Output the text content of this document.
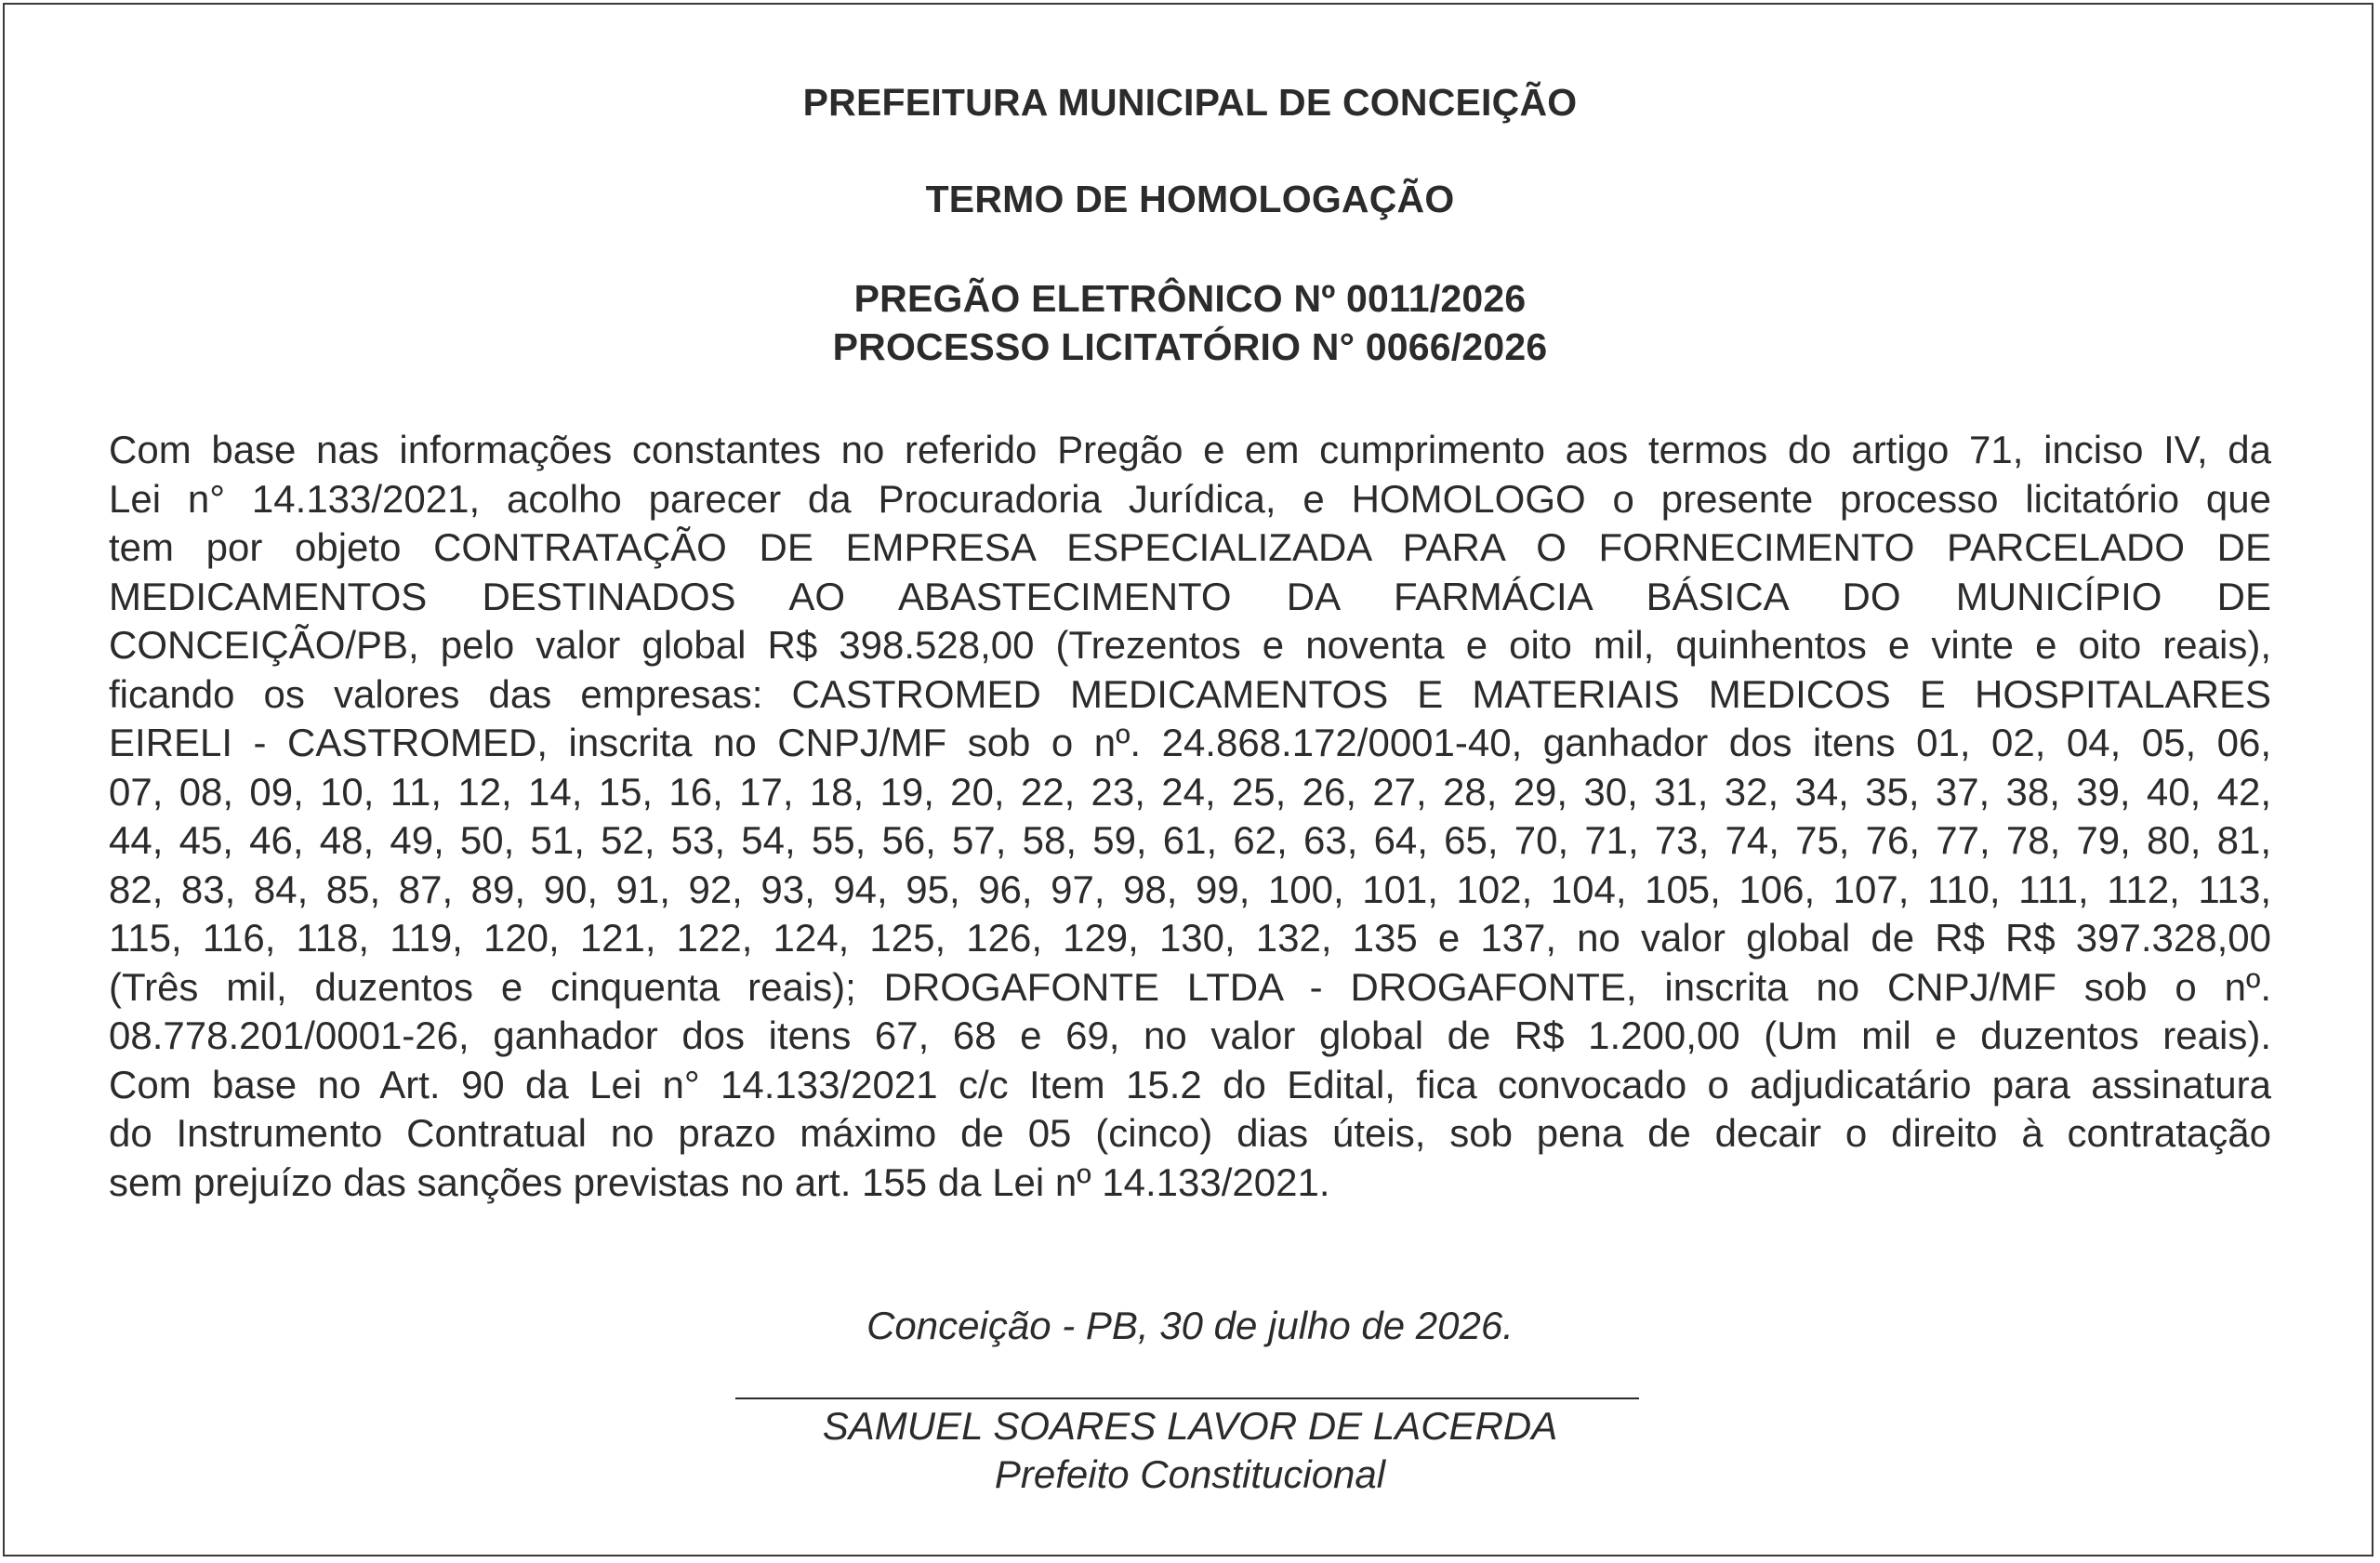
PREFEITURA MUNICIPAL DE CONCEIÇÃO
TERMO DE HOMOLOGAÇÃO
PREGÃO ELETRÔNICO Nº 0011/2026
PROCESSO LICITATÓRIO N° 0066/2026
Com base nas informações constantes no referido Pregão e em cumprimento aos termos do artigo 71, inciso IV, da
Lei n° 14.133/2021, acolho parecer da Procuradoria Jurídica, e HOMOLOGO o presente processo licitatório que
tem por objeto CONTRATAÇÃO DE EMPRESA ESPECIALIZADA PARA O FORNECIMENTO PARCELADO DE
MEDICAMENTOS DESTINADOS AO ABASTECIMENTO DA FARMÁCIA BÁSICA DO MUNICÍPIO DE
CONCEIÇÃO/PB, pelo valor global R$ 398.528,00 (Trezentos e noventa e oito mil, quinhentos e vinte e oito reais),
ficando os valores das empresas: CASTROMED MEDICAMENTOS E MATERIAIS MEDICOS E HOSPITALARES
EIRELI - CASTROMED, inscrita no CNPJ/MF sob o nº. 24.868.172/0001-40, ganhador dos itens 01, 02, 04, 05, 06,
07, 08, 09, 10, 11, 12, 14, 15, 16, 17, 18, 19, 20, 22, 23, 24, 25, 26, 27, 28, 29, 30, 31, 32, 34, 35, 37, 38, 39, 40, 42,
44, 45, 46, 48, 49, 50, 51, 52, 53, 54, 55, 56, 57, 58, 59, 61, 62, 63, 64, 65, 70, 71, 73, 74, 75, 76, 77, 78, 79, 80, 81,
82, 83, 84, 85, 87, 89, 90, 91, 92, 93, 94, 95, 96, 97, 98, 99, 100, 101, 102, 104, 105, 106, 107, 110, 111, 112, 113,
115, 116, 118, 119, 120, 121, 122, 124, 125, 126, 129, 130, 132, 135 e 137, no valor global de R$ R$ 397.328,00
(Três mil, duzentos e cinquenta reais); DROGAFONTE LTDA - DROGAFONTE, inscrita no CNPJ/MF sob o nº.
08.778.201/0001-26, ganhador dos itens 67, 68 e 69, no valor global de R$ 1.200,00 (Um mil e duzentos reais).
Com base no Art. 90 da Lei n° 14.133/2021 c/c Item 15.2 do Edital, fica convocado o adjudicatário para assinatura
do Instrumento Contratual no prazo máximo de 05 (cinco) dias úteis, sob pena de decair o direito à contratação
sem prejuízo das sanções previstas no art. 155 da Lei nº 14.133/2021.
Conceição - PB, 30 de julho de 2026.
SAMUEL SOARES LAVOR DE LACERDA
Prefeito Constitucional
